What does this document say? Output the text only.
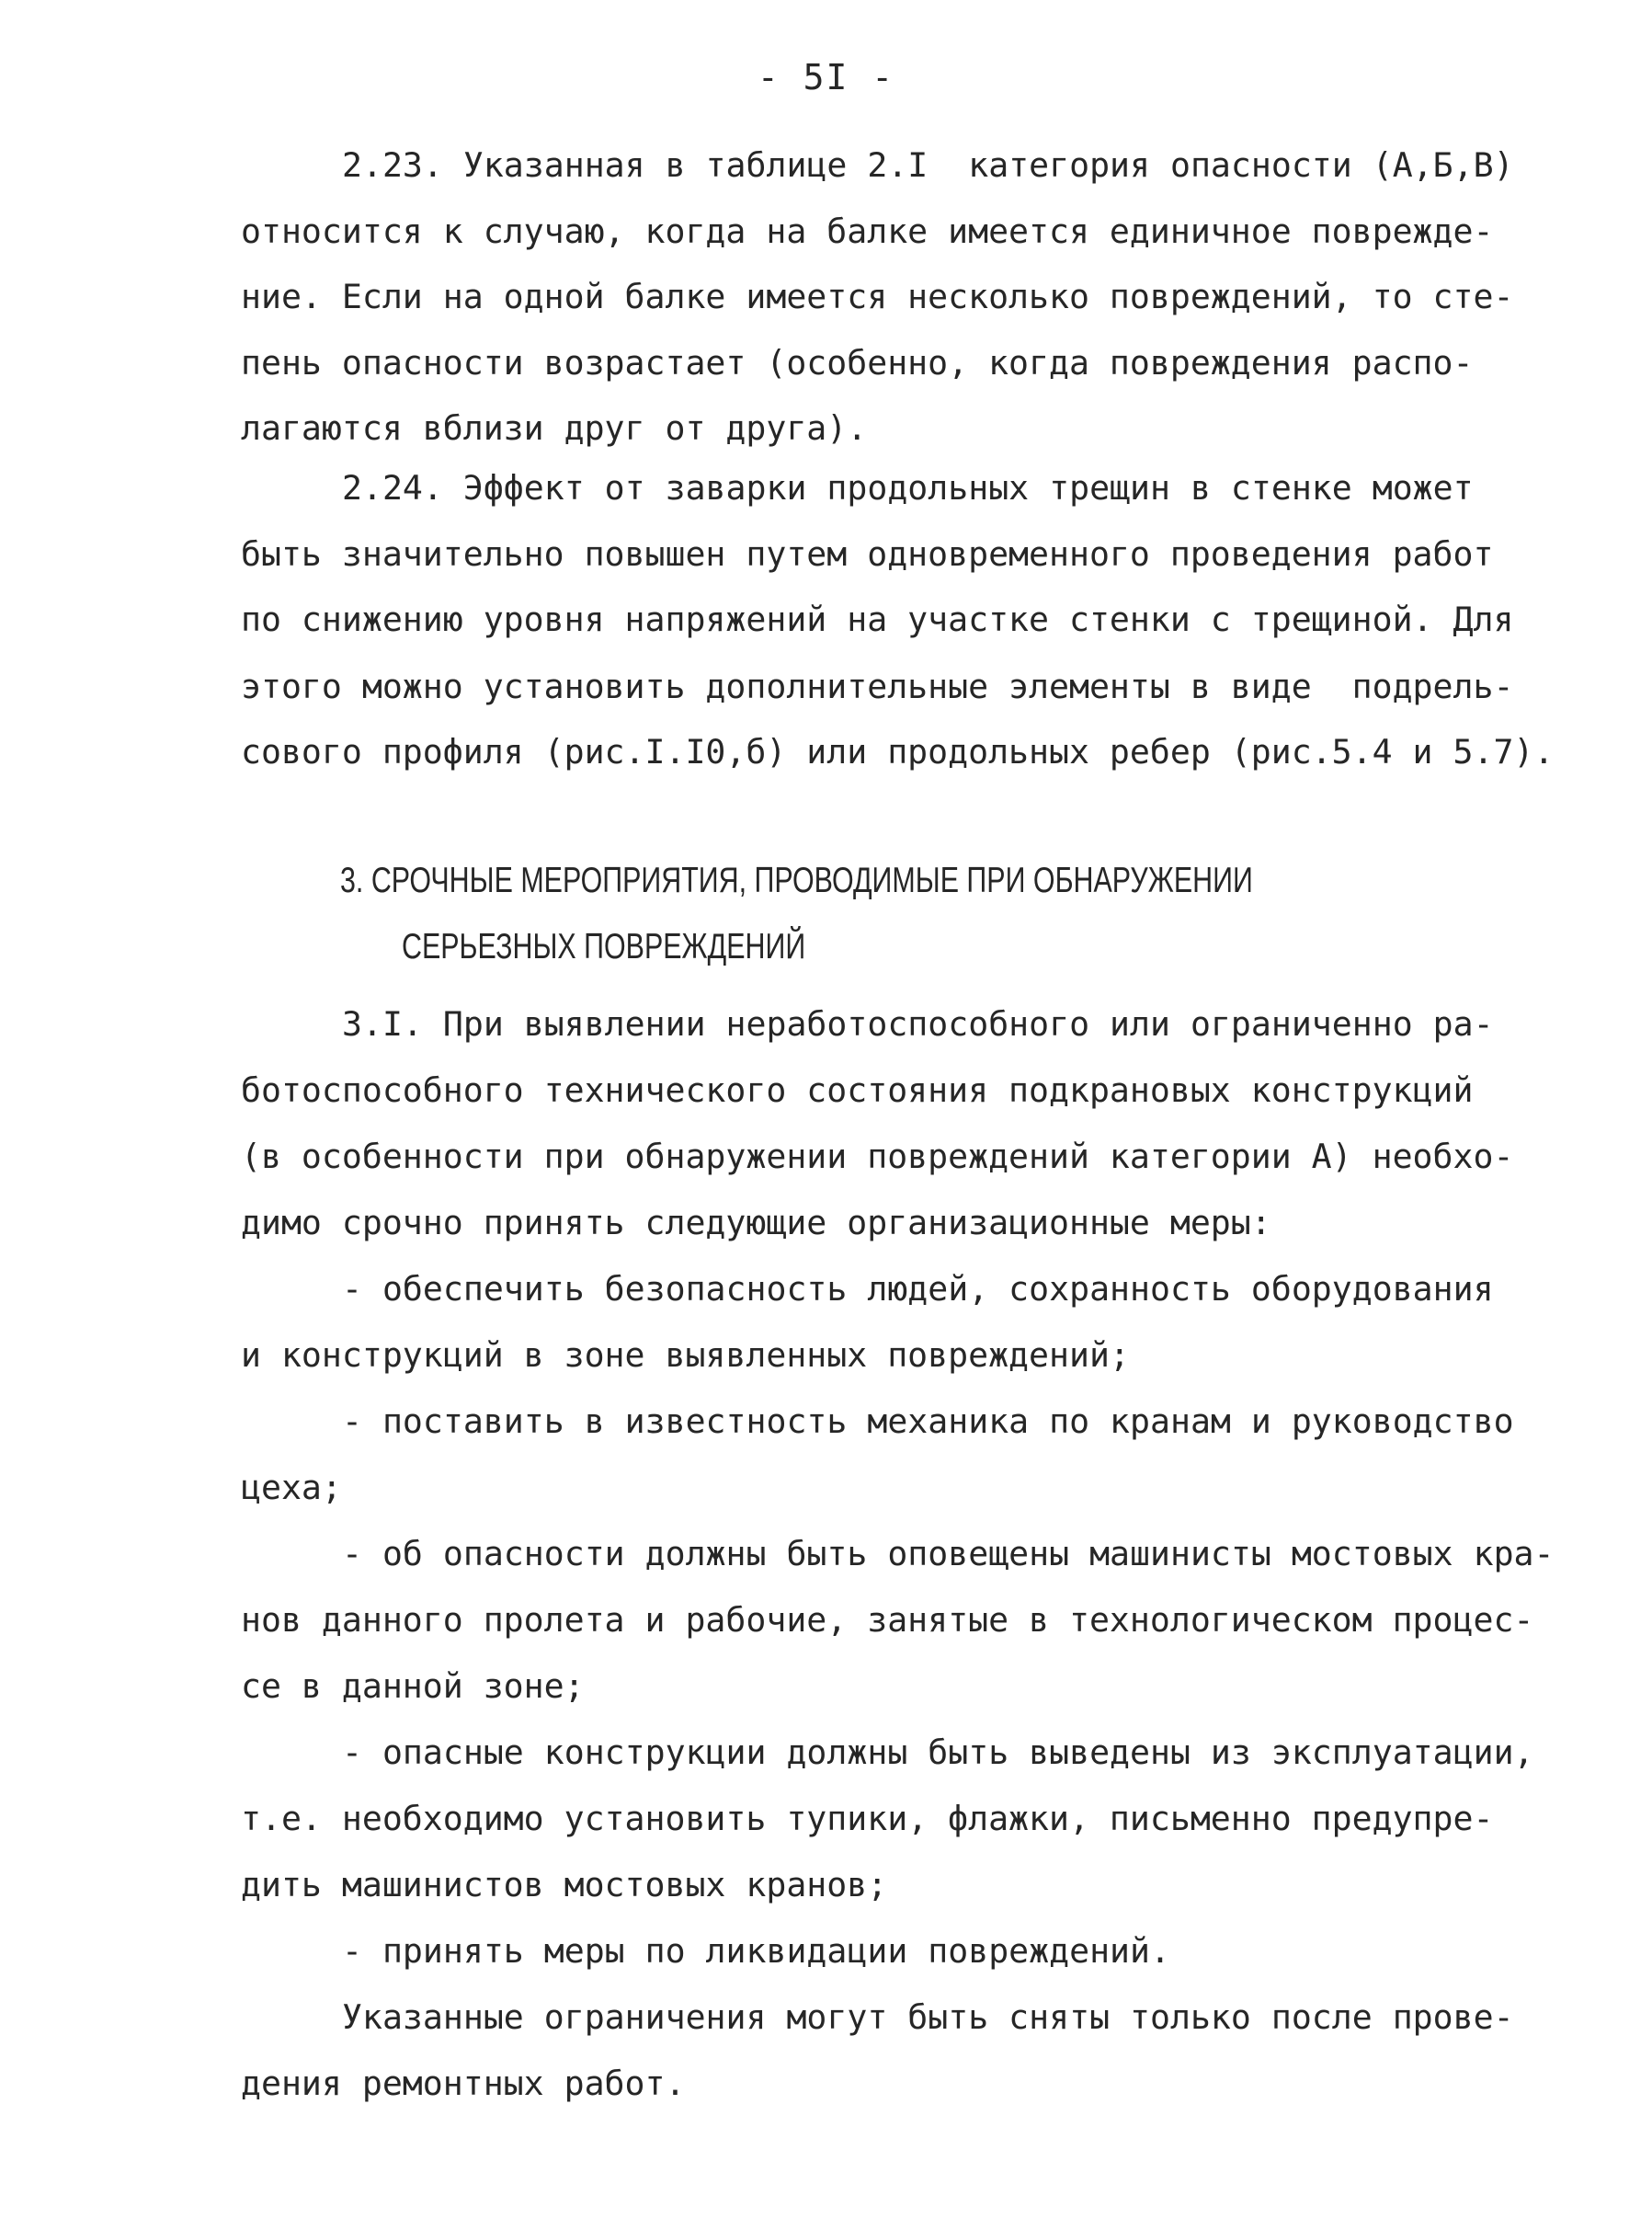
- 5I -
2.23. Указанная в таблице 2.I  категория опасности (А,Б,В)
относится к случаю, когда на балке имеется единичное поврежде-
ние. Если на одной балке имеется несколько повреждений, то сте-
пень опасности возрастает (особенно, когда повреждения распо-
лагаются вблизи друг от друга).
2.24. Эффект от заварки продольных трещин в стенке может
быть значительно повышен путем одновременного проведения работ
по снижению уровня напряжений на участке стенки с трещиной. Для
этого можно установить дополнительные элементы в виде  подрель-
сового профиля (рис.I.I0,б) или продольных ребер (рис.5.4 и 5.7).
3. СРОЧНЫЕ МЕРОПРИЯТИЯ, ПРОВОДИМЫЕ ПРИ ОБНАРУЖЕНИИ
СЕРЬЕЗНЫХ ПОВРЕЖДЕНИЙ
3.I. При выявлении неработоспособного или ограниченно ра-
ботоспособного технического состояния подкрановых конструкций
(в особенности при обнаружении повреждений категории А) необхо-
димо срочно принять следующие организационные меры:
- обеспечить безопасность людей, сохранность оборудования
и конструкций в зоне выявленных повреждений;
- поставить в известность механика по кранам и руководство
цеха;
- об опасности должны быть оповещены машинисты мостовых кра-
нов данного пролета и рабочие, занятые в технологическом процес-
се в данной зоне;
- опасные конструкции должны быть выведены из эксплуатации,
т.е. необходимо установить тупики, флажки, письменно предупре-
дить машинистов мостовых кранов;
- принять меры по ликвидации повреждений.
Указанные ограничения могут быть сняты только после прове-
дения ремонтных работ.
